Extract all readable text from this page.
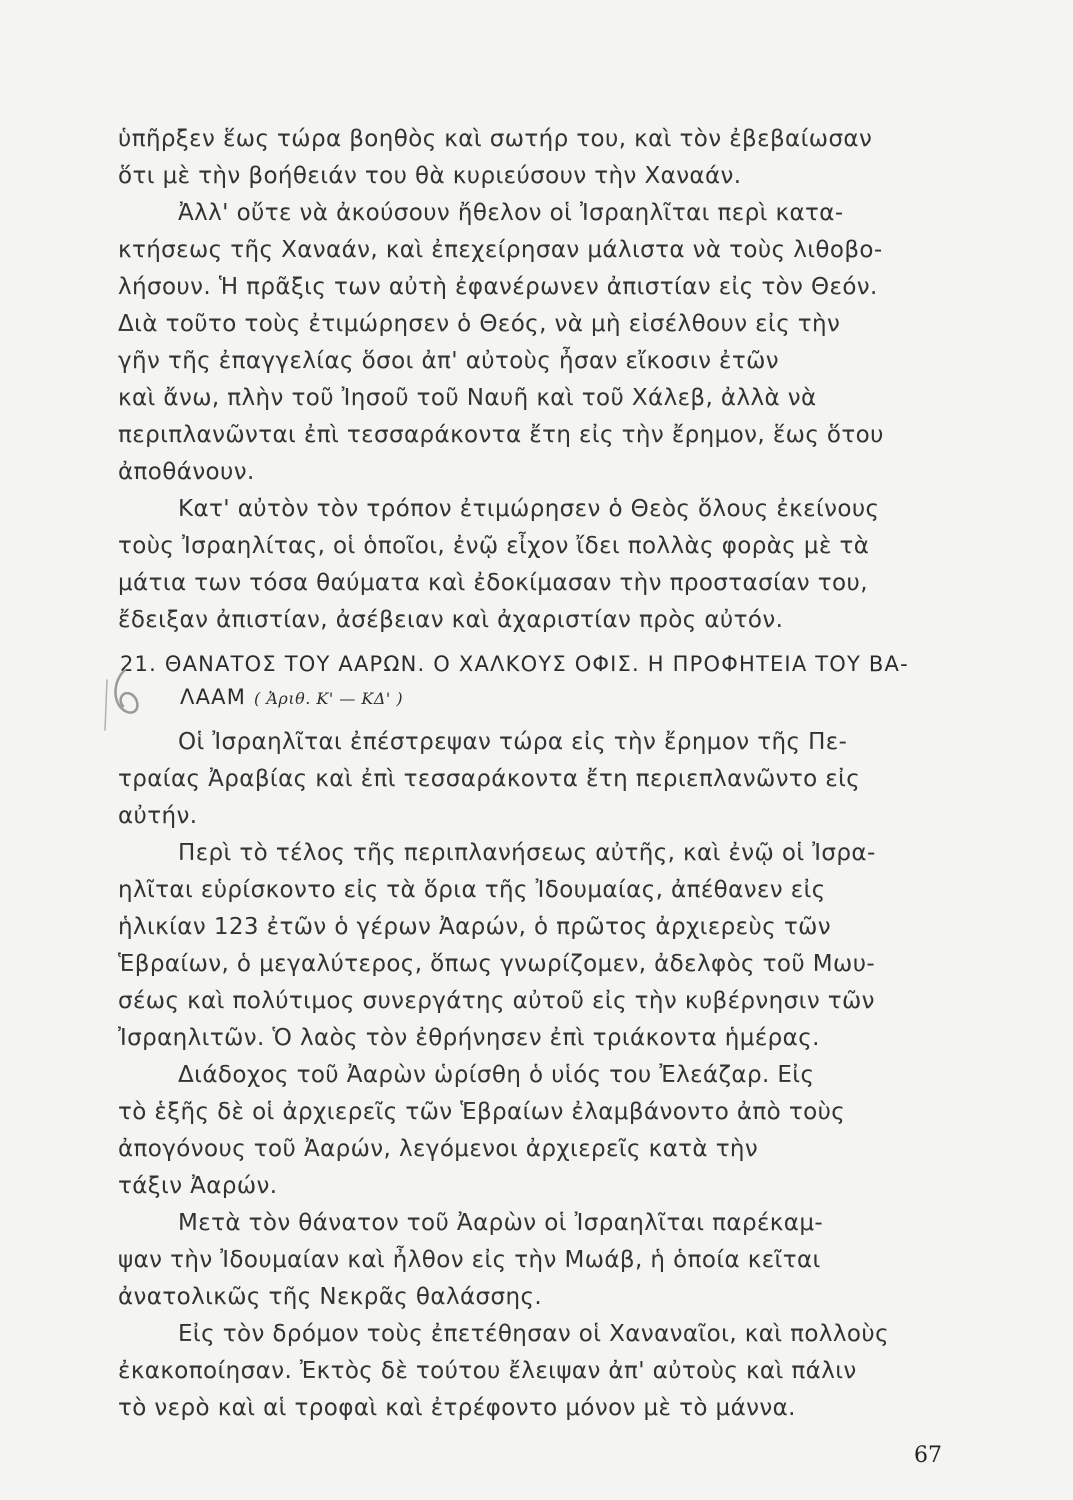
ὑπῆρξεν ἕως τώρα βοηθὸς καὶ σωτήρ του, καὶ τὸν ἐβεβαίωσαν
ὅτι μὲ τὴν βοήθειάν του θὰ κυριεύσουν τὴν Χαναάν.
Ἀλλ' οὔτε νὰ ἀκούσουν ἤθελον οἱ Ἰσραηλῖται περὶ κατα-
κτήσεως τῆς Χαναάν, καὶ ἐπεχείρησαν μάλιστα νὰ τοὺς λιθοβο-
λήσουν. Ἡ πρᾶξις των αὐτὴ ἐφανέρωνεν ἀπιστίαν εἰς τὸν Θεόν.
Διὰ τοῦτο τοὺς ἐτιμώρησεν ὁ Θεός, νὰ μὴ εἰσέλθουν εἰς τὴν
γῆν τῆς ἐπαγγελίας ὅσοι ἀπ' αὐτοὺς ἦσαν εἴκοσιν ἐτῶν
καὶ ἄνω, πλὴν τοῦ Ἰησοῦ τοῦ Ναυῆ καὶ τοῦ Χάλεβ, ἀλλὰ νὰ
περιπλανῶνται ἐπὶ τεσσαράκοντα ἔτη εἰς τὴν ἔρημον, ἕως ὅτου
ἀποθάνουν.
Κατ' αὐτὸν τὸν τρόπον ἐτιμώρησεν ὁ Θεὸς ὅλους ἐκείνους
τοὺς Ἰσραηλίτας, οἱ ὁποῖοι, ἐνῷ εἶχον ἴδει πολλὰς φορὰς μὲ τὰ
μάτια των τόσα θαύματα καὶ ἐδοκίμασαν τὴν προστασίαν του,
ἔδειξαν ἀπιστίαν, ἀσέβειαν καὶ ἀχαριστίαν πρὸς αὐτόν.
21. ΘΑΝΑΤΟΣ ΤΟΥ ΑΑΡΩΝ. Ο ΧΑΛΚΟΥΣ ΟΦΙΣ. Η ΠΡΟΦΗΤΕΙΑ ΤΟΥ ΒΑ-
ΛΑΑΜ ( Ἀριθ. Κ' — ΚΔ' )
Οἱ Ἰσραηλῖται ἐπέστρεψαν τώρα εἰς τὴν ἔρημον τῆς Πε-
τραίας Ἀραβίας καὶ ἐπὶ τεσσαράκοντα ἔτη περιεπλανῶντο εἰς
αὐτήν.
Περὶ τὸ τέλος τῆς περιπλανήσεως αὐτῆς, καὶ ἐνῷ οἱ Ἰσρα-
ηλῖται εὑρίσκοντο εἰς τὰ ὅρια τῆς Ἰδουμαίας, ἀπέθανεν εἰς
ἡλικίαν 123 ἐτῶν ὁ γέρων Ἀαρών, ὁ πρῶτος ἀρχιερεὺς τῶν
Ἑβραίων, ὁ μεγαλύτερος, ὅπως γνωρίζομεν, ἀδελφὸς τοῦ Μωυ-
σέως καὶ πολύτιμος συνεργάτης αὐτοῦ εἰς τὴν κυβέρνησιν τῶν
Ἰσραηλιτῶν. Ὁ λαὸς τὸν ἐθρήνησεν ἐπὶ τριάκοντα ἡμέρας.
Διάδοχος τοῦ Ἀαρὼν ὡρίσθη ὁ υἱός του Ἐλεάζαρ. Εἰς
τὸ ἑξῆς δὲ οἱ ἀρχιερεῖς τῶν Ἑβραίων ἐλαμβάνοντο ἀπὸ τοὺς
ἀπογόνους τοῦ Ἀαρών, λεγόμενοι ἀρχιερεῖς κατὰ τὴν
τάξιν Ἀαρών.
Μετὰ τὸν θάνατον τοῦ Ἀαρὼν οἱ Ἰσραηλῖται παρέκαμ-
ψαν τὴν Ἰδουμαίαν καὶ ἦλθον εἰς τὴν Μωάβ, ἡ ὁποία κεῖται
ἀνατολικῶς τῆς Νεκρᾶς θαλάσσης.
Εἰς τὸν δρόμον τοὺς ἐπετέθησαν οἱ Χαναναῖοι, καὶ πολλοὺς
ἐκακοποίησαν. Ἐκτὸς δὲ τούτου ἔλειψαν ἀπ' αὐτοὺς καὶ πάλιν
τὸ νερὸ καὶ αἱ τροφαὶ καὶ ἐτρέφοντο μόνον μὲ τὸ μάννα.
67
